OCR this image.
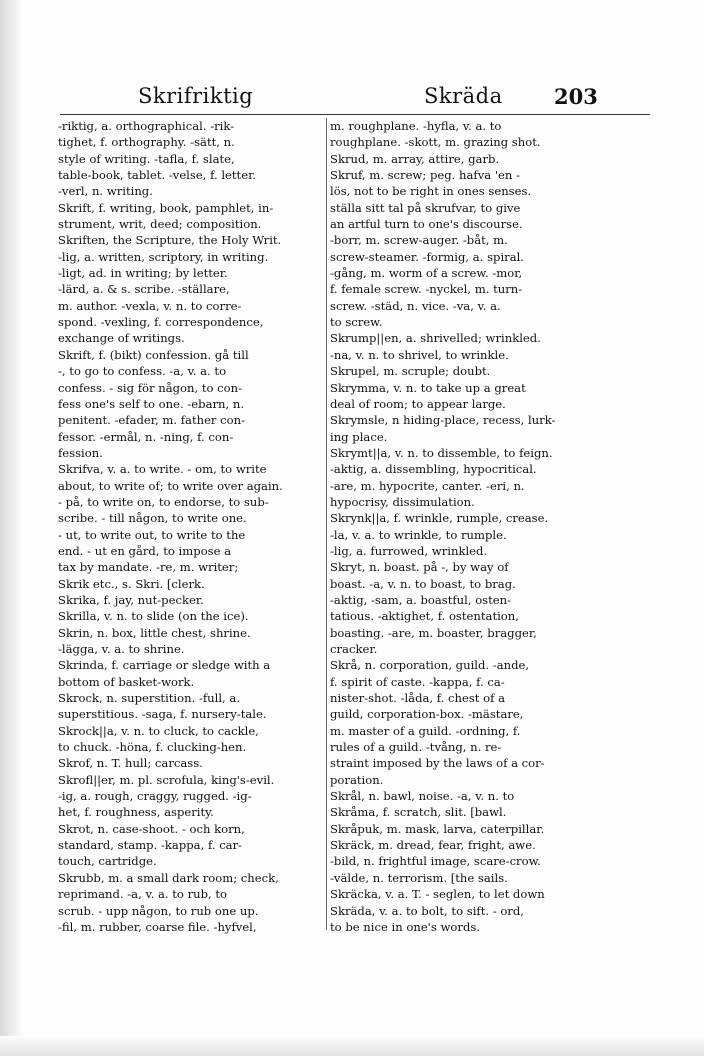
Skrifriktig	Skräda 203
-riktig, a. orthographical. -rik-
tighet, f. orthography. -sätt, n.
style of writing. -tafla, f. slate,
table-book, tablet. -velse, f. letter.
-verl, n. writing.
Skrift, f. writing, book, pamphlet, in-
strument, writ, deed; composition.
Skriften, the Scripture, the Holy Writ.
-lig, a. written, scriptory, in writing.
-ligt, ad. in writing; by letter.
-lärd, a. & s. scribe. -ställare,
m. author. -vexla, v. n. to corre-
spond. -vexling, f. correspondence,
exchange of writings.
Skrift, f. (bikt) confession. gå till
-, to go to confess. -a, v. a. to
confess. - sig för någon, to con-
fess one's self to one. -ebarn, n.
penitent. -efader, m. father con-
fessor. -ermål, n. -ning, f. con-
fession.
Skrifva, v. a. to write. - om, to write
about, to write of; to write over again.
- på, to write on, to endorse, to sub-
scribe. - till någon, to write one.
- ut, to write out, to write to the
end. - ut en gård, to impose a
tax by mandate. -re, m. writer;
Skrik etc., s. Skri. [clerk.
Skrika, f. jay, nut-pecker.
Skrilla, v. n. to slide (on the ice).
Skrin, n. box, little chest, shrine.
-lägga, v. a. to shrine.
Skrinda, f. carriage or sledge with a
bottom of basket-work.
Skrock, n. superstition. -full, a.
superstitious. -saga, f. nursery-tale.
Skrock||a, v. n. to cluck, to cackle,
to chuck. -höna, f. clucking-hen.
Skrof, n. T. hull; carcass.
Skrofl||er, m. pl. scrofula, king's-evil.
-ig, a. rough, craggy, rugged. -ig-
het, f. roughness, asperity.
Skrot, n. case-shoot. - och korn,
standard, stamp. -kappa, f. car-
touch, cartridge.
Skrubb, m. a small dark room; check,
reprimand. -a, v. a. to rub, to
scrub. - upp någon, to rub one up.
-fil, m. rubber, coarse file. -hyfvel,
m. roughplane. -hyfla, v. a. to
roughplane. -skott, m. grazing shot.
Skrud, m. array, attire, garb.
Skruf, m. screw; peg. hafva 'en -
lös, not to be right in ones senses.
ställa sitt tal på skrufvar, to give
an artful turn to one's discourse.
-borr, m. screw-auger. -båt, m.
screw-steamer. -formig, a. spiral.
-gång, m. worm of a screw. -mor,
f. female screw. -nyckel, m. turn-
screw. -städ, n. vice. -va, v. a.
to screw.
Skrump||en, a. shrivelled; wrinkled.
-na, v. n. to shrivel, to wrinkle.
Skrupel, m. scruple; doubt.
Skrymma, v. n. to take up a great
deal of room; to appear large.
Skrymsle, n hiding-place, recess, lurk-
ing place.
Skrymt||a, v. n. to dissemble, to feign.
-aktig, a. dissembling, hypocritical.
-are, m. hypocrite, canter. -eri, n.
hypocrisy, dissimulation.
Skrynk||a, f. wrinkle, rumple, crease.
-la, v. a. to wrinkle, to rumple.
-lig, a. furrowed, wrinkled.
Skryt, n. boast. på -, by way of
boast. -a, v. n. to boast, to brag.
-aktig, -sam, a. boastful, osten-
tatious. -aktighet, f. ostentation,
boasting. -are, m. boaster, bragger,
cracker.
Skrå, n. corporation, guild. -ande,
f. spirit of caste. -kappa, f. ca-
nister-shot. -låda, f. chest of a
guild, corporation-box. -mästare,
m. master of a guild. -ordning, f.
rules of a guild. -tvång, n. re-
straint imposed by the laws of a cor-
poration.
Skrål, n. bawl, noise. -a, v. n. to
Skråma, f. scratch, slit. [bawl.
Skråpuk, m. mask, larva, caterpillar.
Skräck, m. dread, fear, fright, awe.
-bild, n. frightful image, scare-crow.
-välde, n. terrorism. [the sails.
Skräcka, v. a. T. - seglen, to let down
Skräda, v. a. to bolt, to sift. - ord,
to be nice in one's words.
